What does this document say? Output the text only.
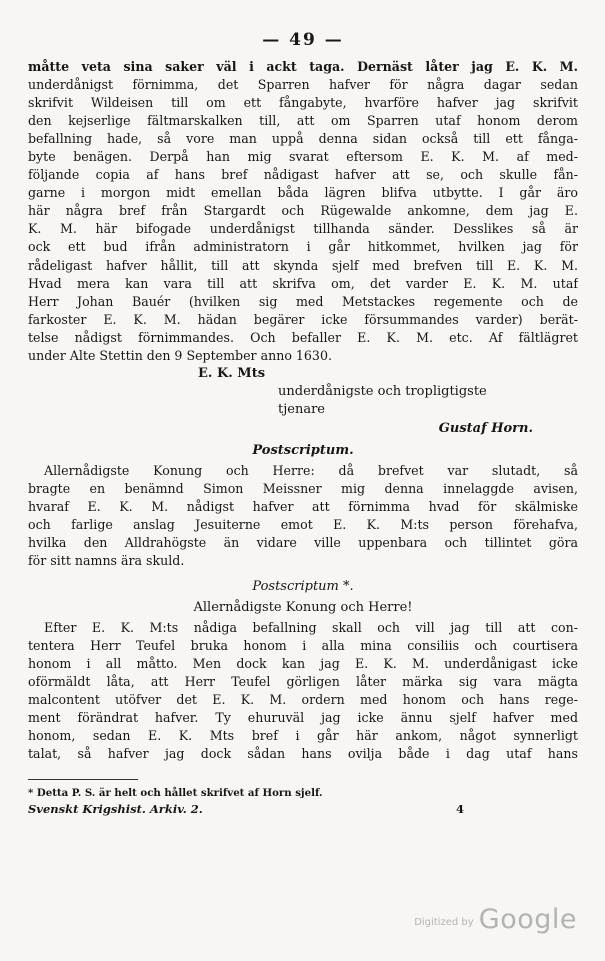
— 49 —
måtte veta sina saker väl i ackt taga. Dernäst låter jag E. K. M.
underdånigst förnimma, det Sparren hafver för några dagar sedan
skrifvit Wildeisen till om ett fångabyte, hvarföre hafver jag skrifvit
den kejserlige fältmarskalken till, att om Sparren utaf honom derom
befallning hade, så vore man uppå denna sidan också till ett fånga-
byte benägen. Derpå han mig svarat eftersom E. K. M. af med-
följande copia af hans bref nådigast hafver att se, och skulle fån-
garne i morgon midt emellan båda lägren blifva utbytte. I går äro
här några bref från Stargardt och Rügewalde ankomne, dem jag E.
K. M. här bifogade underdånigst tillhanda sänder. Desslikes så är
ock ett bud ifrån administratorn i går hitkommet, hvilken jag för
rådeligast hafver hållit, till att skynda sjelf med brefven till E. K. M.
Hvad mera kan vara till att skrifva om, det varder E. K. M. utaf
Herr Johan Bauér (hvilken sig med Metstackes regemente och de
farkoster E. K. M. hädan begärer icke försummandes varder) berät-
telse nådigst förnimmandes. Och befaller E. K. M. etc. Af fältlägret
under Alte Stettin den 9 September anno 1630.
E. K. Mts
underdånigste och tropligtigste
tjenare
Gustaf Horn.
Postscriptum.
Allernådigste Konung och Herre: då brefvet var slutadt, så
bragte en benämnd Simon Meissner mig denna innelaggde avisen,
hvaraf E. K. M. nådigst hafver att förnimma hvad för skälmiske
och farlige anslag Jesuiterne emot E. K. M:ts person förehafva,
hvilka den Alldrahögste än vidare ville uppenbara och tillintet göra
för sitt namns ära skuld.
Postscriptum *.
Allernådigste Konung och Herre!
Efter E. K. M:ts nådiga befallning skall och vill jag till att con-
tentera Herr Teufel bruka honom i alla mina consiliis och courtisera
honom i all måtto. Men dock kan jag E. K. M. underdånigast icke
oförmäldt låta, att Herr Teufel görligen låter märka sig vara mägta
malcontent utöfver det E. K. M. ordern med honom och hans rege-
ment förändrat hafver. Ty ehuruväl jag icke ännu sjelf hafver med
honom, sedan E. K. Mts bref i går här ankom, något synnerligt
talat, så hafver jag dock sådan hans ovilja både i dag utaf hans
* Detta P. S. är helt och hållet skrifvet af Horn sjelf.
Svenskt Krigshist. Arkiv. 2.	4
Digitized by Google
